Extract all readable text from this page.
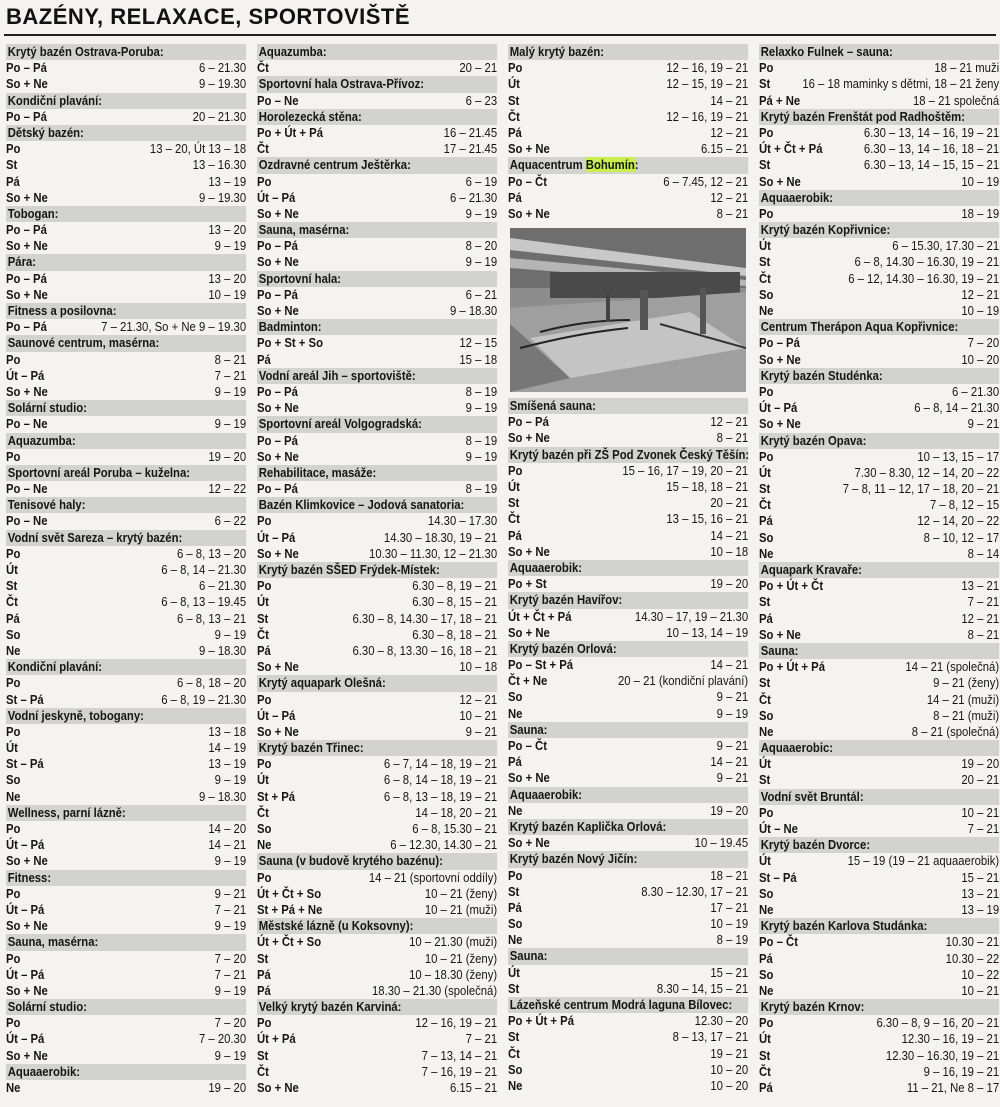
BAZÉNY, RELAXACE, SPORTOVIŠTĚ
Krytý bazén Ostrava-Poruba:
Po – Pá	6 – 21.30
So + Ne	9 – 19.30
Kondiční plavání:
Po – Pá	20 – 21.30
Dětský bazén:
Po	13 – 20, Út 13 – 18
St	13 – 16.30
Pá	13 – 19
So + Ne	9 – 19.30
Tobogan:
Po – Pá	13 – 20
So + Ne	9 – 19
Pára:
Po – Pá	13 – 20
So + Ne	10 – 19
Fitness a posilovna:
Po – Pá	7 – 21.30, So + Ne 9 – 19.30
Saunové centrum, masérna:
Po	8 – 21
Út – Pá	7 – 21
So + Ne	9 – 19
Solární studio:
Po – Ne	9 – 19
Aquazumba:
Po	19 – 20
Sportovní areál Poruba – kuželna:
Po – Ne	12 – 22
Tenisové haly:
Po – Ne	6 – 22
Vodní svět Sareza – krytý bazén:
Po	6 – 8, 13 – 20
Út	6 – 8, 14 – 21.30
St	6 – 21.30
Čt	6 – 8, 13 – 19.45
Pá	6 – 8, 13 – 21
So	9 – 19
Ne	9 – 18.30
Kondiční plavání:
Po	6 – 8, 18 – 20
St – Pá	6 – 8, 19 – 21.30
Vodní jeskyně, tobogany:
Po	13 – 18
Út	14 – 19
St – Pá	13 – 19
So	9 – 19
Ne	9 – 18.30
Wellness, parní lázně:
Po	14 – 20
Út – Pá	14 – 21
So + Ne	9 – 19
Fitness:
Po	9 – 21
Út – Pá	7 – 21
So + Ne	9 – 19
Sauna, masérna:
Po	7 – 20
Út – Pá	7 – 21
So + Ne	9 – 19
Solární studio:
Po	7 – 20
Út – Pá	7 – 20.30
So + Ne	9 – 19
Aquaaerobik:
Ne	19 – 20
Aquazumba:
Čt	20 – 21
Sportovní hala Ostrava-Přívoz:
Po – Ne	6 – 23
Horolezecká stěna:
Po + Út + Pá	16 – 21.45
Čt	17 – 21.45
Ozdravné centrum Ještěrka:
Po	6 – 19
Út – Pá	6 – 21.30
So + Ne	9 – 19
Sauna, masérna:
Po – Pá	8 – 20
So + Ne	9 – 19
Sportovní hala:
Po – Pá	6 – 21
So + Ne	9 – 18.30
Badminton:
Po + St + So	12 – 15
Pá	15 – 18
Vodní areál Jih – sportoviště:
Po – Pá	8 – 19
So + Ne	9 – 19
Sportovní areál Volgogradská:
Po – Pá	8 – 19
So + Ne	9 – 19
Rehabilitace, masáže:
Po – Pá	8 – 19
Bazén Klimkovice – Jodová sanatoria:
Po	14.30 – 17.30
Út – Pá	14.30 – 18.30, 19 – 21
So + Ne	10.30 – 11.30, 12 – 21.30
Krytý bazén SŠED Frýdek-Místek:
Po	6.30 – 8, 19 – 21
Út	6.30 – 8, 15 – 21
St	6.30 – 8, 14.30 – 17, 18 – 21
Čt	6.30 – 8, 18 – 21
Pá	6.30 – 8, 13.30 – 16, 18 – 21
So + Ne	10 – 18
Krytý aquapark Olešná:
Po	12 – 21
Út – Pá	10 – 21
So + Ne	9 – 21
Krytý bazén Třinec:
Po	6 – 7, 14 – 18, 19 – 21
Út	6 – 8, 14 – 18, 19 – 21
St + Pá	6 – 8, 13 – 18, 19 – 21
Čt	14 – 18, 20 – 21
So	6 – 8, 15.30 – 21
Ne	6 – 12.30, 14.30 – 21
Sauna (v budově krytého bazénu):
Po	14 – 21 (sportovní oddíly)
Út + Čt + So	10 – 21 (ženy)
St + Pá + Ne	10 – 21 (muži)
Městské lázně (u Koksovny):
Út + Čt + So	10 – 21.30 (muži)
St	10 – 21 (ženy)
Pá	10 – 18.30 (ženy)
Pá	18.30 – 21.30 (společná)
Velký krytý bazén Karviná:
Po	12 – 16, 19 – 21
Út + Pá	7 – 21
St	7 – 13, 14 – 21
Čt	7 – 16, 19 – 21
So + Ne	6.15 – 21
Malý krytý bazén:
Po	12 – 16, 19 – 21
Út	12 – 15, 19 – 21
St	14 – 21
Čt	12 – 16, 19 – 21
Pá	12 – 21
So + Ne	6.15 – 21
Aquacentrum Bohumín:
Po – Čt	6 – 7.45, 12 – 21
Pá	12 – 21
So + Ne	8 – 21
Smíšená sauna:
Po – Pá	12 – 21
So + Ne	8 – 21
Krytý bazén při ZŠ Pod Zvonek Český Těšín:
Po	15 – 16, 17 – 19, 20 – 21
Út	15 – 18, 18 – 21
St	20 – 21
Čt	13 – 15, 16 – 21
Pá	14 – 21
So + Ne	10 – 18
Aquaaerobik:
Po + St	19 – 20
Krytý bazén Havířov:
Út + Čt + Pá	14.30 – 17, 19 – 21.30
So + Ne	10 – 13, 14 – 19
Krytý bazén Orlová:
Po – St + Pá	14 – 21
Čt + Ne	20 – 21 (kondiční plavání)
So	9 – 21
Ne	9 – 19
Sauna:
Po – Čt	9 – 21
Pá	14 – 21
So + Ne	9 – 21
Aquaaerobik:
Ne	19 – 20
Krytý bazén Kaplička Orlová:
So + Ne	10 – 19.45
Krytý bazén Nový Jičín:
Po	18 – 21
St	8.30 – 12.30, 17 – 21
Pá	17 – 21
So	10 – 19
Ne	8 – 19
Sauna:
Út	15 – 21
St	8.30 – 14, 15 – 21
Lázeňské centrum Modrá laguna Bílovec:
Po + Út + Pá	12.30 – 20
St	8 – 13, 17 – 21
Čt	19 – 21
So	10 – 20
Ne	10 – 20
Relaxko Fulnek – sauna:
Po	18 – 21 muži
St	16 – 18 maminky s dětmi, 18 – 21 ženy
Pá + Ne	18 – 21 společná
Krytý bazén Frenštát pod Radhoštěm:
Po	6.30 – 13, 14 – 16, 19 – 21
Út + Čt + Pá	6.30 – 13, 14 – 16, 18 – 21
St	6.30 – 13, 14 – 15, 15 – 21
So + Ne	10 – 19
Aquaaerobik:
Po	18 – 19
Krytý bazén Kopřivnice:
Út	6 – 15.30, 17.30 – 21
St	6 – 8, 14.30 – 16.30, 19 – 21
Čt	6 – 12, 14.30 – 16.30, 19 – 21
So	12 – 21
Ne	10 – 19
Centrum Therápon Aqua Kopřivnice:
Po – Pá	7 – 20
So + Ne	10 – 20
Krytý bazén Studénka:
Po	6 – 21.30
Út – Pá	6 – 8, 14 – 21.30
So + Ne	9 – 21
Krytý bazén Opava:
Po	10 – 13, 15 – 17
Út	7.30 – 8.30, 12 – 14, 20 – 22
St	7 – 8, 11 – 12, 17 – 18, 20 – 21
Čt	7 – 8, 12 – 15
Pá	12 – 14, 20 – 22
So	8 – 10, 12 – 17
Ne	8 – 14
Aquapark Kravaře:
Po + Út + Čt	13 – 21
St	7 – 21
Pá	12 – 21
So + Ne	8 – 21
Sauna:
Po + Út + Pá	14 – 21 (společná)
St	9 – 21 (ženy)
Čt	14 – 21 (muži)
So	8 – 21 (muži)
Ne	8 – 21 (společná)
Aquaaerobic:
Út	19 – 20
St	20 – 21
Vodní svět Bruntál:
Po	10 – 21
Út – Ne	7 – 21
Krytý bazén Dvorce:
Út	15 – 19 (19 – 21 aquaaerobik)
St – Pá	15 – 21
So	13 – 21
Ne	13 – 19
Krytý bazén Karlova Studánka:
Po – Čt	10.30 – 21
Pá	10.30 – 22
So	10 – 22
Ne	10 – 21
Krytý bazén Krnov:
Po	6.30 – 8, 9 – 16, 20 – 21
Út	12.30 – 16, 19 – 21
St	12.30 – 16.30, 19 – 21
Čt	9 – 16, 19 – 21
Pá	11 – 21, Ne 8 – 17
